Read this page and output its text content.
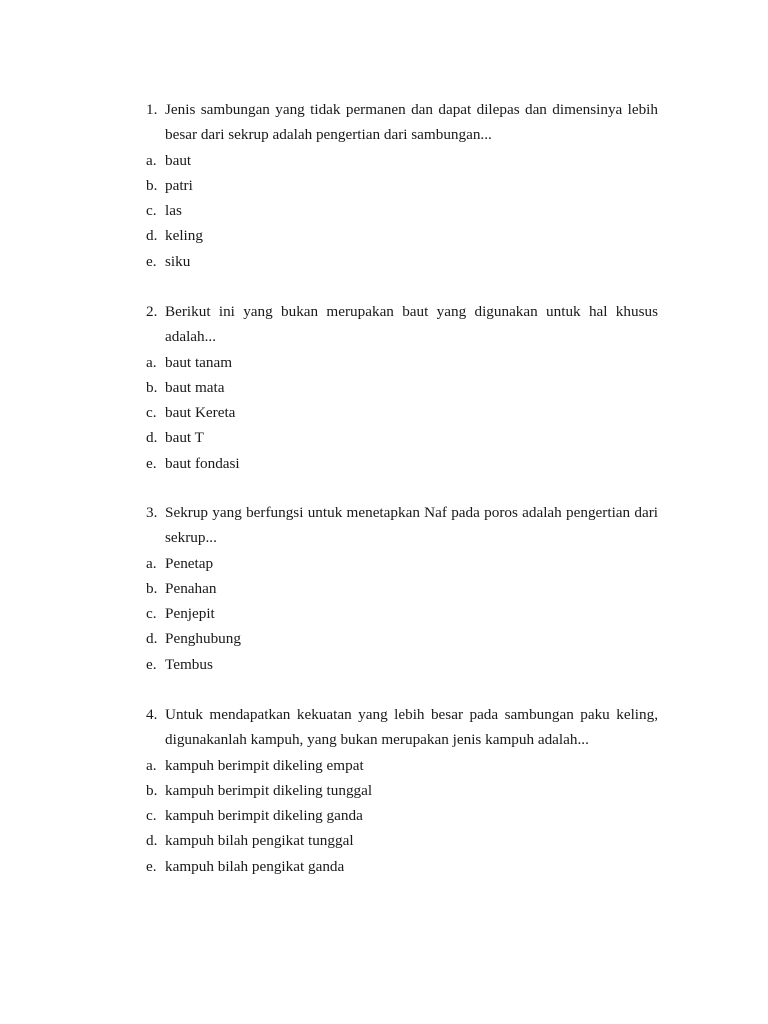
1. Jenis sambungan yang tidak permanen dan dapat dilepas dan dimensinya lebih besar dari sekrup adalah pengertian dari sambungan...
a. baut
b. patri
c. las
d. keling
e. siku
2. Berikut ini yang bukan merupakan baut yang digunakan untuk hal khusus adalah...
a. baut tanam
b. baut mata
c. baut Kereta
d. baut T
e. baut fondasi
3. Sekrup yang berfungsi untuk menetapkan Naf pada poros adalah pengertian dari sekrup...
a. Penetap
b. Penahan
c. Penjepit
d. Penghubung
e. Tembus
4. Untuk mendapatkan kekuatan yang lebih besar pada sambungan paku keling, digunakanlah kampuh, yang bukan merupakan jenis kampuh adalah...
a. kampuh berimpit dikeling empat
b. kampuh berimpit dikeling tunggal
c. kampuh berimpit dikeling ganda
d. kampuh bilah pengikat tunggal
e. kampuh bilah pengikat ganda
